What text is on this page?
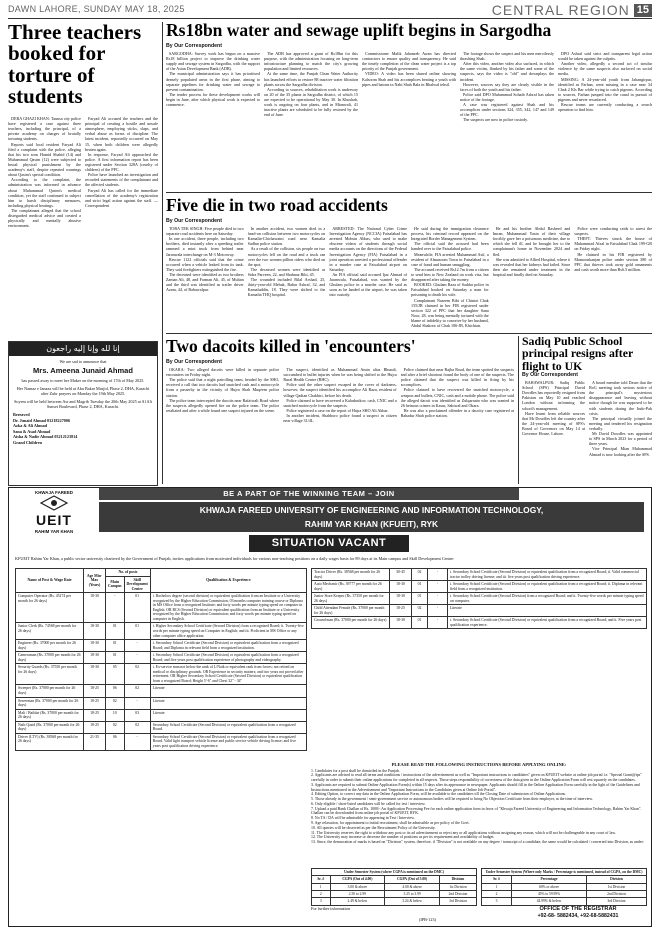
DAWN LAHORE, SUNDAY MAY 18, 2025	CENTRAL REGION 15
Three teachers booked for torture of students

DERA GHAZI KHAN: Taunsa city police have registered a case against three teachers, including the principal, of a private academy on charges of brutally torturing students.

Reports said local resident Faryad Ali filed a complaint with the police, alleging that his two sons Hamid Shahid (14) and Muhammad Qasim (12) were subjected to brutal physical punishment by the academy's staff, despite repeated warnings about Qasim's special condition.

According to the complaint, the administration was informed in advance about Muhammad Qasim's medical condition, yet the staff continued to subject him to harsh disciplinary measures, including physical beatings.

The complainant alleged that the school disregarded medical advice and created a physically and mentally abusive environment.

Faryad Ali accused the teachers and the principal of creating a hostile and unsafe atmosphere, employing sticks, slaps, and verbal abuse as forms of discipline. The latest incident, reportedly occurred on May 15, when both children were allegedly beaten again.

In response, Faryad Ali approached the police. A first information report has been registered under Section 328A (cruelty of children) of the PPC.

Police have launched an investigation and recorded statements of the complainant and the affected students.

Faryad Ali has called for the immediate cancellation of the academy's registration and strict legal action against the staff. — Correspondent

Rs18bn water and sewage uplift begins in Sargodha
By Our Correspondent

SARGODHA: Survey work has begun on a massive Rs18 billion project to improve the drinking water supply and sewage system in Sargodha, with the support of the Asian Development Bank (ADB).

The municipal administration says it has prioritised densely populated areas in the first phase, aiming to separate pipelines for drinking water and sewage to prevent contamination.

The tender process for these development works will begin in June, after which physical work is expected to commence.

The ADB has approved a grant of Rs18bn for this purpose, with the administration focusing on long-term infrastructure planning to match the city's growing population and limited resources.

At the same time, the Punjab Clean Water Authority has launched efforts to restore 88 inactive water filtration plants across the Sargodha division.

According to sources, rehabilitation work is underway on 20 of the 35 plants in Sargodha district, of which 15 are expected to be operational by May 30. In Khushab, work is ongoing on four plants, and in Mianwali, 41 inactive plants are scheduled to be fully restored by the end of June.

Commissioner Malik Jahanzeb Awan has directed contractors to ensure quality and transparency. He said the timely completion of the clean water project is a top priority of the Punjab government.

VIDEO: A video has been shared online showing Kalsoom Shah and his accomplices beating a youth with pipes and batons in Nabi Shah Bala in Bhalwal tehsil.

The footage shows the suspect and his men mercilessly thrashing Shah.

After this video, another video also surfaced, in which the same victim, flanked by his father and some of the suspects, says the video is "old" and downplays the incident.

However, sources say they are clearly visible in the faces of both the youth and his father.

Police said DPO Muhammad Sohaib Ashraf has taken notice of the footage.

A case was registered against Shah and his accomplices under sections 324, 355, 342, 147 and 149 of the PPC.

The suspects are now in police custody.

DPO Ashraf said strict and transparent legal action would be taken against the culprits.

Another video, allegedly a second act of similar violence by the same suspects also surfaced on social media.

MISSING: A 24-year-old youth from Jahangirpur, identified as Farhan, went missing in a case near 34 Chak 2 Kls Bar while trying to catch pigeons. According to sources, Farhan jumped into the canal in pursuit of pigeons and never resurfaced.

Rescue teams are currently conducting a search operation to find him.

Five die in two road accidents
By Our Correspondent

TOBA TEK SINGH: Five people died in two separate road accidents here on Saturday.

In one accident, three people, including two brothers, died instantly after a speeding trailer rammed a mini truck from behind near Jaranwala interchange on M-3 Motorway.

Rescue 1122 officials said that the crime occurred when a vehicle leaked from its tank. They said firefighters extinguished the fire.

The deceased were identified as two brothers Zaman Ali, 48, and Farman Ali, 45, of Multan and the third was identified as trailer driver Azam, 44, of Bahawalpur.

In another accident, two women died in a head-on collision between two motorcycles on Kamalia-Chichawatni road near Kamalia Sadhar police station.

As a result of the collision, six people on two motorcycles fell on the road and a truck ran over the two women pillion riders who died on the spot.

The deceased women were identified as Sidra Parveen, 22, and Shahnaz Bibi, 45.

The wounded included Bilal Arshad, 25, thirty-year-old Mehak, Babar Ashraf, 32, and Kamaluddin, 18. They were shifted to the Kamalia THQ hospital.

ARRESTED: The National Cyber Crime Investigation Agency (NCCIA) Faisalabad has arrested Mohsin Abbas, who used to make obscene videos of students through social media accounts on the directions of the Federal Investigation Agency (FIA) Faisalabad in a joint operation arrested a professional offender in a murder case at Faisalabad airport on Saturday.

An FIA official said accused Ijaz Ahmad of Jaranwala, Faisalabad, was wanted by the Ghulam police in a murder case. He said as soon as he landed at the airport, he was taken into custody.

He said during the immigration clearance process, his criminal record appeared on the Integrated Border Management System.

The official said the accused had been handed over to the Faisalabad police.

Meanwhile, FIA arrested Muhammad Asif, a resident of Almasoom Town in Faisalabad in a case of fraud and human smuggling.

The accused received Rs12.7m from a citizen to send him to New Zealand on work visa, but disappeared after taking the money.

BOOKED: Ghulam Raza of Saddar police in Faisalabad booked on Saturday a man for poisoning to death his wife.

Complainant Naseem Bibi of Chiniot Chak 155/JB claimed in her FIR registered under section 322 of PPC that her daughter Sana Noor, 28, was being mentally tortured with the blame of infidelity to conceive by her husband, Abdul Shakoor of Chak 106-JB, Khichian.

He and his brother Abdul Rasheed and Imran, Muhammad Yasin of their village forcibly gave her a poisonous medicine, due to which she fell ill, and he brought her to the complainant's home in November 2024 and fled.

She was admitted to Allied Hospital, where it was revealed that her kidneys had failed. Since then she remained under treatment in the hospital and finally died on Saturday.

Police were conducting raids to arrest the suspects.

THEFT: Thieves struck the house of Muhammad Afzal in Faisalabad Chak 199-GB on Friday night.

He claimed in his FIR registered by Mamoonkanjan police under section 380 of PPC that thieves took away gold ornaments and cash worth more than Rs6.5 million.

إنا لله وإنا إليه راجعون
We are sad to announce that
Mrs. Ameena Junaid Ahmad
has passed away to meet her Maker on the morning of 17th of May 2025.
Her Namaz e Janaza will be held at Abu Bakar Masjid, Phase 2, DHA, Karachi after Zuhr prayers on Monday the 19th May 2025.
Soyem will be held between Asr and Magrib Tuesday the 20th May 2025 at Al Ali Sunset Boulevard, Phase 2, DHA, Karachi.
Bereaved
Dr. Junaid Ahmad 03218227006
Azka & Ali Ahmad
Sana & Asad Ahmad
Aisha & Nadir Ahmad 03212123814
Grand Children
Two dacoits killed in 'encounters'
By Our Correspondent

OKARA: Two alleged dacoits were killed in separate police encounters on Friday night.

The police said that a night patrolling team, headed by the SHO, received a call that two dacoits had snatched cash and a motorcycle from a passerby in the vicinity of Hujra Shah Muqeem police station.

The police team intercepted the dacoits near Rafaiwali Road where the suspects allegedly opened fire on the police team. The police retaliated and after a while found one suspect injured on the scene.

The suspect, identified as Muhammad Amin alias Bhundi, succumbed to bullet injuries when he was being shifted to the Hujra Rural Health Centre (RHC).

Police said the other suspect escaped in the cover of darkness, however, the suspect identified his accomplice Ali Raza, resident of village Qadian Chakbiri, before his death.

Police claimed to have recovered a Kalashnikov, cash, CNIC and a snatched motorcycle from the suspects.

Police registered a case on the report of Hujra SHO Ali Akbar.

In another incident, Shahboro police found a suspect in citizen near village 31/4L.

Police claimed that near Rajba Road, the team spotted the suspects and after a brief shootout found the body of one of the suspects. The police claimed that the suspect was killed in firing by his accomplices.

Police claimed to have recovered the snatched motorcycle, a weapon and bullets, CNIC, cash and a mobile phone. The police said the alleged dacoit was identified as Zulqarnain who was wanted in 26 heinous crimes in Kasur, Sahiwal and Okara.

He was also a proclaimed offender in a dacoity case registered at Bahadur Shah police station.

Sadiq Public School principal resigns after flight to UK
By Our Correspondent

BAHAWALPUR: Sadiq Public School (SPS) Principal David Dowdles has reportedly resigned from Pakistan on May 10 and reached London without informing the school's management.

Have learnt from reliable sources that Mr Dowdles left the country after the 24-year-old meeting of SPS's Board of Governors on May 14 at Governor House, Lahore.

A board member told Dawn that the BoG meeting took serious notice of the principal's mysterious disappearance and leaving without notice though he was supposed to be with students during the Indo-Pak crisis.

The principal virtually joined the meeting and tendered his resignation verbally.

Mr David Dowdles was appointed to SPS in March 2023 for a period of three years.

Vice Principal Mian Muhammad Ahmad is now looking after the SPS.

KHWAJA FAREED
UEIT
RAHIM YAR KHAN
BE A PART OF THE WINNING TEAM – JOIN
KHWAJA FAREED UNIVERSITY OF ENGINEERING AND INFORMATION TECHNOLOGY,
RAHIM YAR KHAN (KFUEIT), RYK
SITUATION VACANT
KFUEIT Rahim Yar Khan, a public sector university chartered by the Government of Punjab, invites applications from motivated individuals for various non-teaching positions on a daily wages basis for 89 days at its Main campus and Skill Development Centre:
Name of Post & Wage Rate	Age Min-Max (Years)	No. of posts		Qualification & Experience
		Main Campus	Skill Development Centre	
Computer Operator (Rs. 45274 per month for 26 days)	18-30	-	01	i. Bachelors degree (second division) or equivalent qualification from an Institute or a University recognized by the Higher Education Commission, 03 months computer training course or Diploma in MS Office from a recognized Institute; and forty words per minute typing speed on computer in English. OR BCS (Second Division) or equivalent qualification from an Institute or a University recognized by the Higher Education Commission; and forty words per minute typing speed on computer in English.
Junior Clerk (Rs. 74568 per month for 26 days)	18-30	01	01	i. Higher Secondary School Certificate (Second Division) from a recognized Board; ii. Twenty-five words per minute typing speed on Computer in English; and iii. Proficient in MS Office or any other computer office application.
Engineer (Rs. 37000 per month for 26 days)	18-30	01	-	i. Secondary School Certificate (Second Division) or equivalent qualification from a recognized Board; and Diploma in relevant field from a recognized institution.
Cameraman (Rs. 37000 per month for 26 days)	18-30	01	-	i. Secondary School Certificate (Second Division) or equivalent qualification from a recognized Board; and five years post qualification experience of photography and videography.
Security Guards (Rs. 37550 per month for 26 days)	18-30	05	02	i. Ex-service man not below the rank of L/Naik or equivalent rank from forces; not retired on medical or disciplinary grounds. OR Experience in security matters; and two years not proved after retirement. OR Higher Secondary School Certificate (Second Division) or equivalent qualification from a recognized Board; Height 5'-6" and Chest 32" - 34"
Sweeper (Rs. 37000 per month for 26 days)	18-25	06	02	Literate
Sewerman (Rs. 37000 per month for 26 days)	18-25	02	-	Literate
Mali / Baildar (Rs. 37000 per month for 26 days)	18-25	10	03	Literate
Naib Qasid (Rs. 37000 per month for 26 days)	18-25	02	02	Secondary School Certificate (Second Division) or equivalent qualification from a recognized Board.
Driver (LTV) (Rs. 38568 per month for 26 days)	21-35	06	-	Secondary School Certificate (Second Division) or equivalent qualification from a recognized Board. Valid light transport vehicle license and public service vehicle driving license; and five years post qualification driving experience.
Tractor Driver (Rs. 38568 per month for 26 days)	30-45	02	-	i. Secondary School Certificate (Second Division) or equivalent qualification from a recognized Board; ii. Valid commercial tractor trolley driving license; and iii. five years post qualification driving experience.
Auto Mechanic (Rs. 39777 per month for 26 days)	18-30	01	-	i. Secondary School Certificate (Second Division) or equivalent qualification from a recognized Board; ii. Diploma in relevant field from a recognized institution.
Junior Store Keeper (Rs. 37350 per month for 26 days)	18-30	01	-	i. Secondary School Certificate (Second Division) from a recognized Board; and ii. Twenty-five words per minute typing speed on computer.
Child Attendant Female (Rs. 37000 per month for 26 days)	18-25	02	-	Literate
Ground man (Rs. 37000 per month for 26 days)	18-30	01	-	i. Secondary School Certificate (Second Division) or equivalent qualification from a recognized Board; and ii. Five years post qualification experience.
PLEASE READ THE FOLLOWING INSTRUCTIONS BEFORE APPLYING ONLINE:
1. Candidates for a post shall be domiciled in the Punjab.
2. Applicants are advised to read all terms and conditions / instructions of the advertisement as well as "Important instructions to candidates" given on KFUEIT website at online job portal i.e. "Special Grant@tps" carefully in order to submit their online applications for completed in all respects. Those steps responsibility of correctness of the data given in the Online Application Form will rest squarely on the candidates.
3. Applicants are required to submit Online Application Form(s) within 15 days after its appearance in newspaper. Applicants should fill in the Online Application Form carefully in the light of the Guidelines and Instructions mentioned in the Advertisement and "Important Instructions to the Candidates given at Online Job Portal".
4. Editing Option, to correct any data in the Online Application Form, will be available to the candidates till the Closing Date of submission of Online Applications.
5. Those already in the government / semi-government service or autonomous bodies will be required to bring No Objection Certificate from their employer, at the time of interview.
6. Only eligible / short-listed candidates will be called for test / interview.
7. Upload a paid Bank Challan of Rs. 1000/- An Application Processing Fee for each online application form in favor of "Khwaja Fareed University of Engineering and Information Technology, Rahim Yar Khan". Challan can be downloaded from online job portal of KFUEIT, RYK.
8. No TA / DA will be admissible for appearing in Test / Interview.
9. Age relaxation, for appointment to initial recruitment, shall be admissible as per policy of the Govt.
10. All queries will be observed as per the Recruitment Policy of the University.
11. The University reserves the right to withdraw any post or its ad advertisement or reject any or all applications without assigning any reason, which will not be challengeable in any court of law.
12. The University may increase or decrease the number of positions as per its requirement and availability of budget.
13. Since, the demarcation of marks is based on "Division" system, therefore, if "Division" is not available on any degree / transcript of a candidate, the same would be calculated / converted into Division, as under:
Under Semester System (where CGPA is mentioned on the DMC)			
Sr. #	CGPA (Out of 4.00)	CGPA (Out of 5.00)	Division
1	3.00 & above	4.00 & above	1st Division
2	2.50 to 2.99	3.25 to 3.99	2nd Division
3	2.49 & below	3.24 & below	3rd Division
Under Semester System (Where only Marks / Percentage is mentioned, instead of CGPA, on the DMC)		
Sr. #	Percentage	Division
1	60% or above	1st Division
2	45% to 59.99%	2nd Division
3	44.99% & below	3rd Division
For further information
(IPB-123)
OFFICE OF THE REGISTRAR
+92-68- 5882434, +92-68-5882431
